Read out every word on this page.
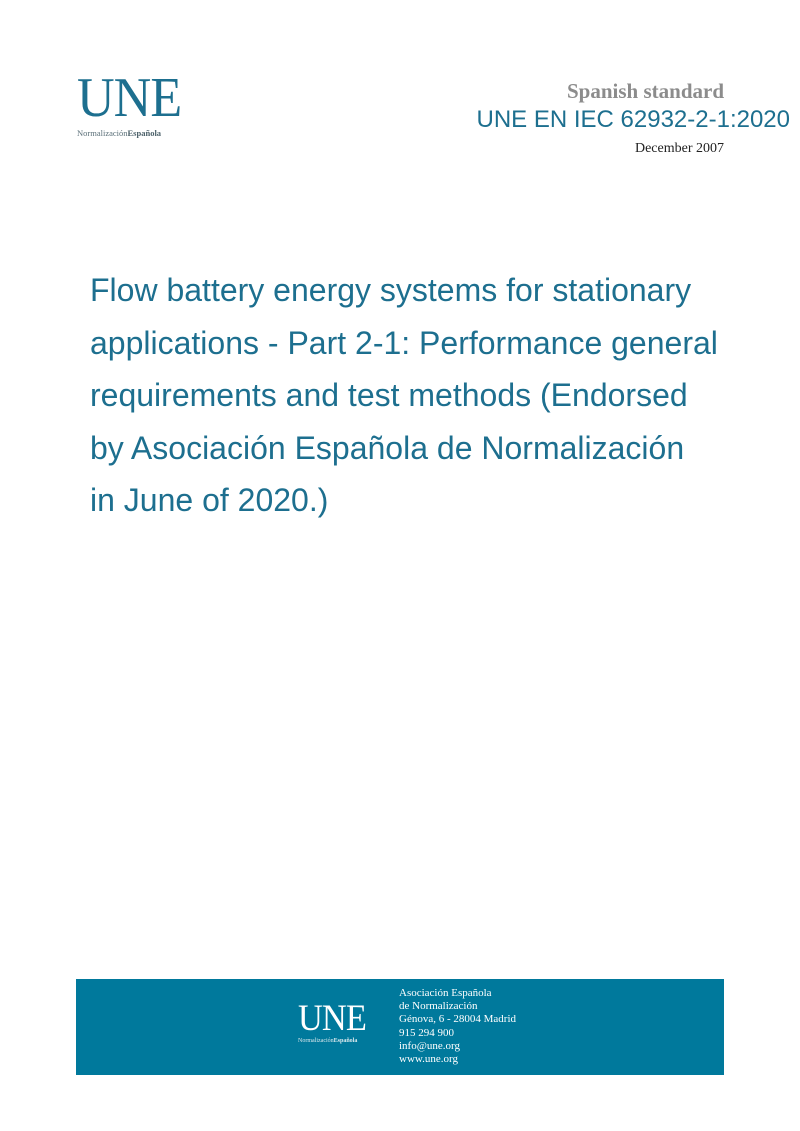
UNE
NormalizaciónEspañola
Spanish standard
UNE EN IEC 62932-2-1:2020
December 2007
Flow battery energy systems for stationary
applications - Part 2-1: Performance general
requirements and test methods (Endorsed
by Asociación Española de Normalización
in June of 2020.)
UNE
NormalizaciónEspañola
Asociación Española
de Normalización
Génova, 6 - 28004 Madrid
915 294 900
info@une.org
www.une.org
